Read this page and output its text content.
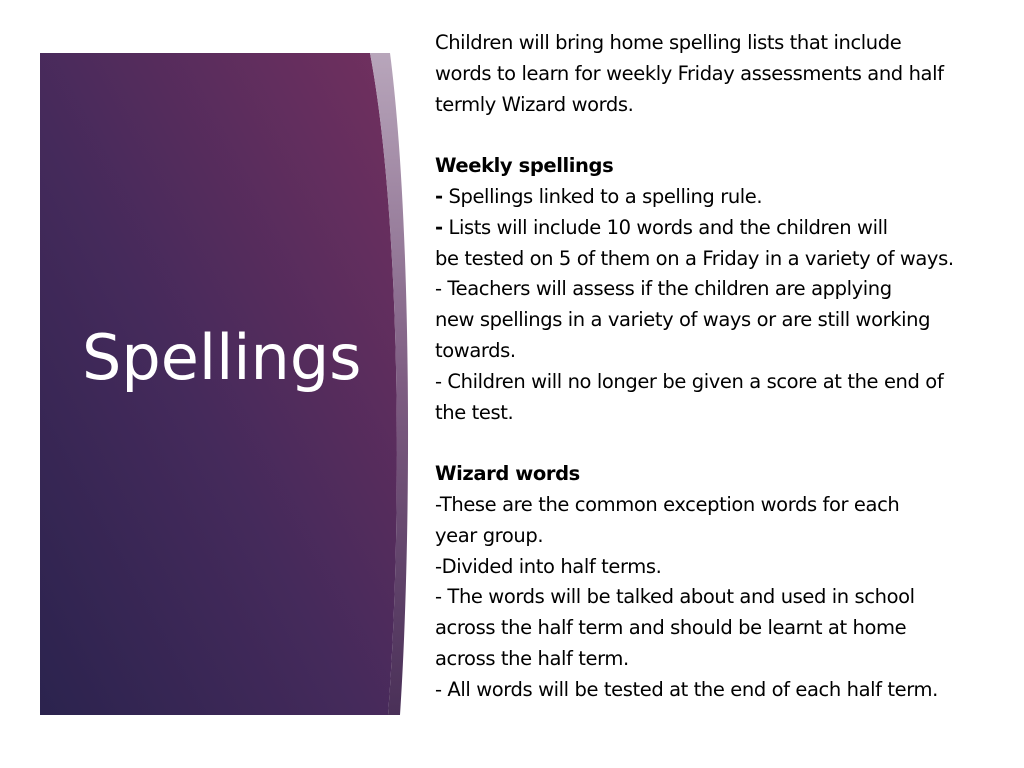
Spellings

Children will bring home spelling lists that include

words to learn for weekly Friday assessments and half

termly Wizard words.

Weekly spellings

- Spellings linked to a spelling rule.

- Lists will include 10 words and the children will

be tested on 5 of them on a Friday in a variety of ways.

- Teachers will assess if the children are applying

new spellings in a variety of ways or are still working

towards.

- Children will no longer be given a score at the end of

the test.

Wizard words

-These are the common exception words for each

year group.

-Divided into half terms.

- The words will be talked about and used in school

across the half term and should be learnt at home

across the half term.

- All words will be tested at the end of each half term.
